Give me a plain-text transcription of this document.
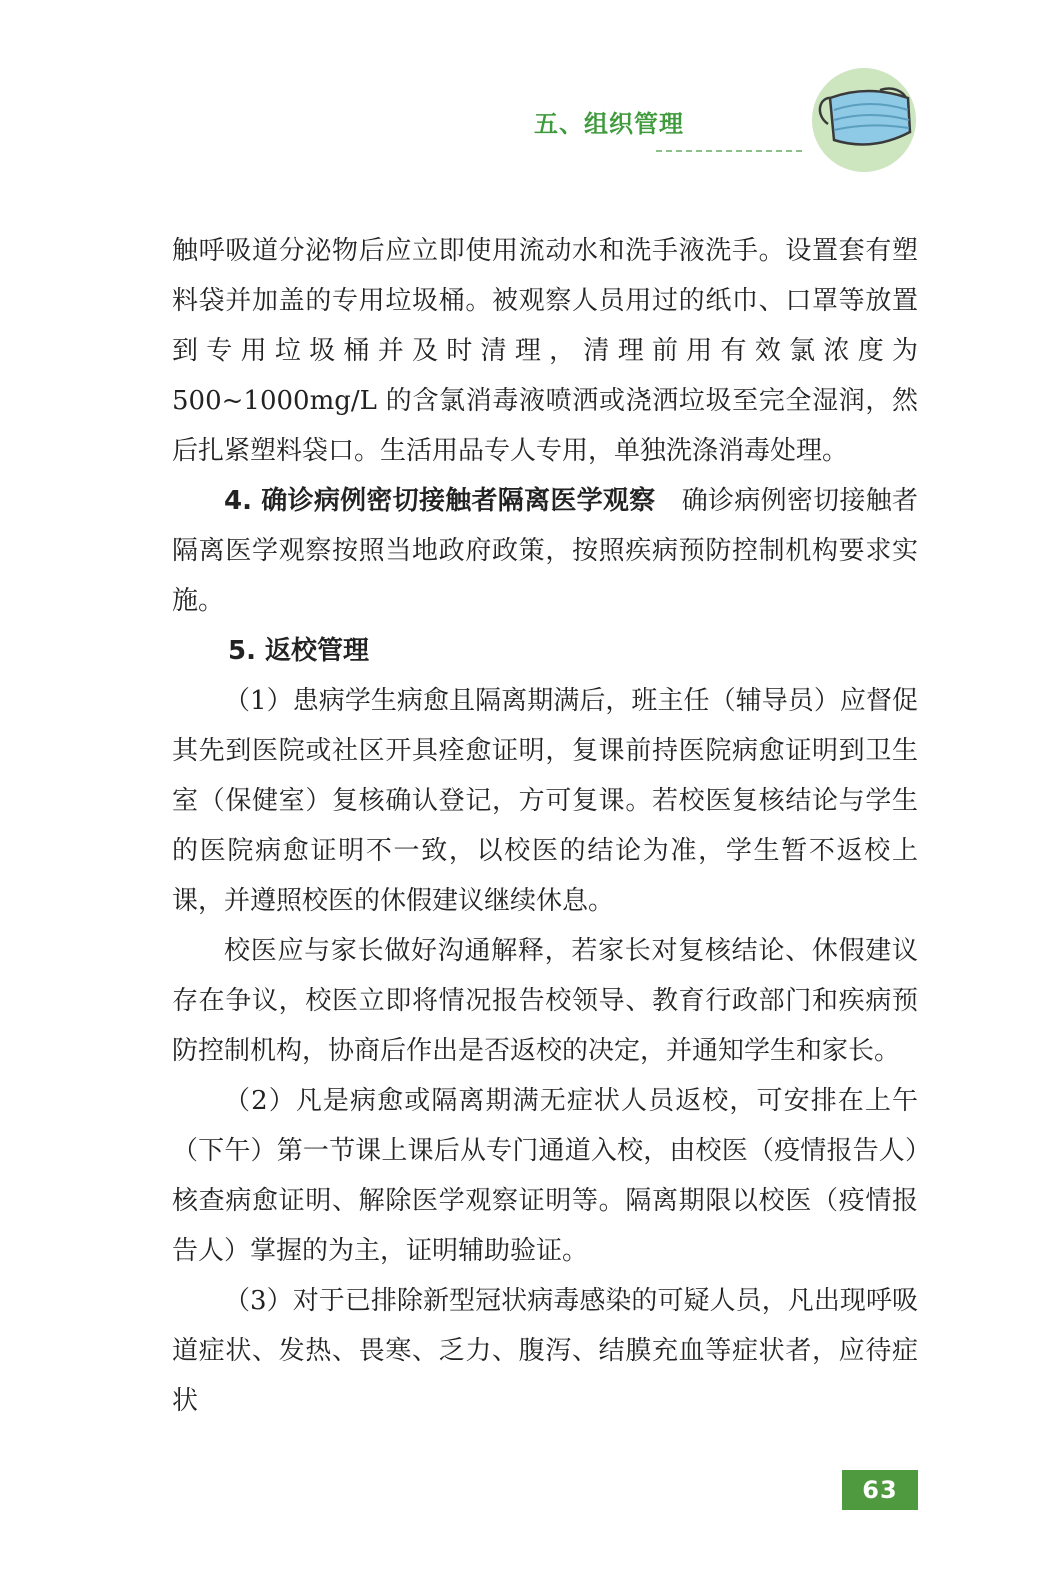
五、组织管理

触呼吸道分泌物后应立即使用流动水和洗手液洗手。设置套有塑料袋并加盖的专用垃圾桶。被观察人员用过的纸巾、口罩等放置到专用垃圾桶并及时清理，清理前用有效氯浓度为500~1000mg/L 的含氯消毒液喷洒或浇洒垃圾至完全湿润，然后扎紧塑料袋口。生活用品专人专用，单独洗涤消毒处理。

4. 确诊病例密切接触者隔离医学观察　 确诊病例密切接触者隔离医学观察按照当地政府政策，按照疾病预防控制机构要求实施。

5. 返校管理

（1）患病学生病愈且隔离期满后，班主任（辅导员）应督促其先到医院或社区开具痊愈证明，复课前持医院病愈证明到卫生室（保健室）复核确认登记，方可复课。若校医复核结论与学生的医院病愈证明不一致，以校医的结论为准，学生暂不返校上课，并遵照校医的休假建议继续休息。

校医应与家长做好沟通解释，若家长对复核结论、休假建议存在争议，校医立即将情况报告校领导、教育行政部门和疾病预防控制机构，协商后作出是否返校的决定，并通知学生和家长。

（2）凡是病愈或隔离期满无症状人员返校，可安排在上午（下午）第一节课上课后从专门通道入校，由校医（疫情报告人）核查病愈证明、解除医学观察证明等。隔离期限以校医（疫情报告人）掌握的为主，证明辅助验证。

（3）对于已排除新型冠状病毒感染的可疑人员，凡出现呼吸道症状、发热、畏寒、乏力、腹泻、结膜充血等症状者，应待症状

63
